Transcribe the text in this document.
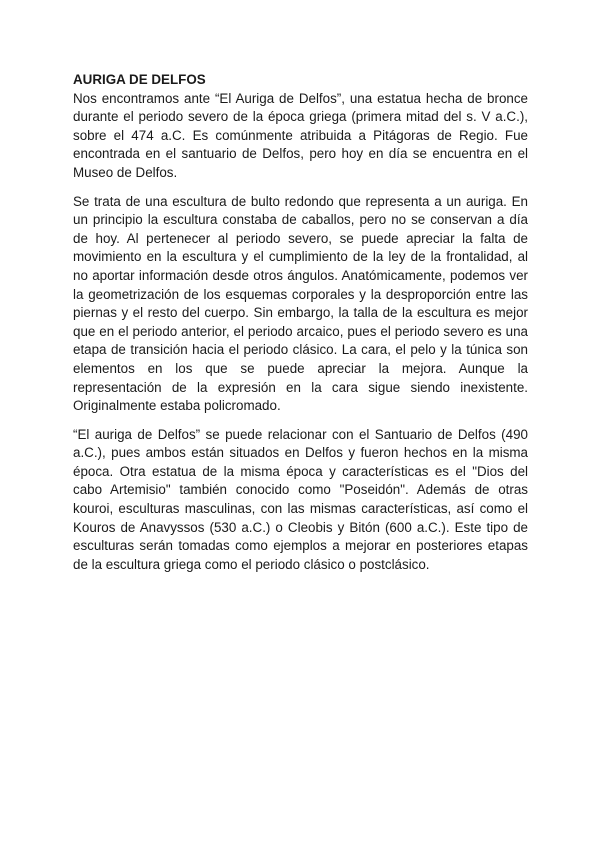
AURIGA DE DELFOS

Nos encontramos ante “El Auriga de Delfos”, una estatua hecha de bronce durante el periodo severo de la época griega (primera mitad del s. V a.C.), sobre el 474 a.C. Es comúnmente atribuida a Pitágoras de Regio. Fue encontrada en el santuario de Delfos, pero hoy en día se encuentra en el Museo de Delfos.

Se trata de una escultura de bulto redondo que representa a un auriga. En un principio la escultura constaba de caballos, pero no se conservan a día de hoy. Al pertenecer al periodo severo, se puede apreciar la falta de movimiento en la escultura y el cumplimiento de la ley de la frontalidad, al no aportar información desde otros ángulos. Anatómicamente, podemos ver la geometrización de los esquemas corporales y la desproporción entre las piernas y el resto del cuerpo. Sin embargo, la talla de la escultura es mejor que en el periodo anterior, el periodo arcaico, pues el periodo severo es una etapa de transición hacia el periodo clásico. La cara, el pelo y la túnica son elementos en los que se puede apreciar la mejora. Aunque la representación de la expresión en la cara sigue siendo inexistente. Originalmente estaba policromado.

“El auriga de Delfos” se puede relacionar con el Santuario de Delfos (490 a.C.), pues ambos están situados en Delfos y fueron hechos en la misma época. Otra estatua de la misma época y características es el "Dios del cabo Artemisio" también conocido como "Poseidón". Además de otras kouroi, esculturas masculinas, con las mismas características, así como el Kouros de Anavyssos (530 a.C.) o Cleobis y Bitón (600 a.C.). Este tipo de esculturas serán tomadas como ejemplos a mejorar en posteriores etapas de la escultura griega como el periodo clásico o postclásico.
